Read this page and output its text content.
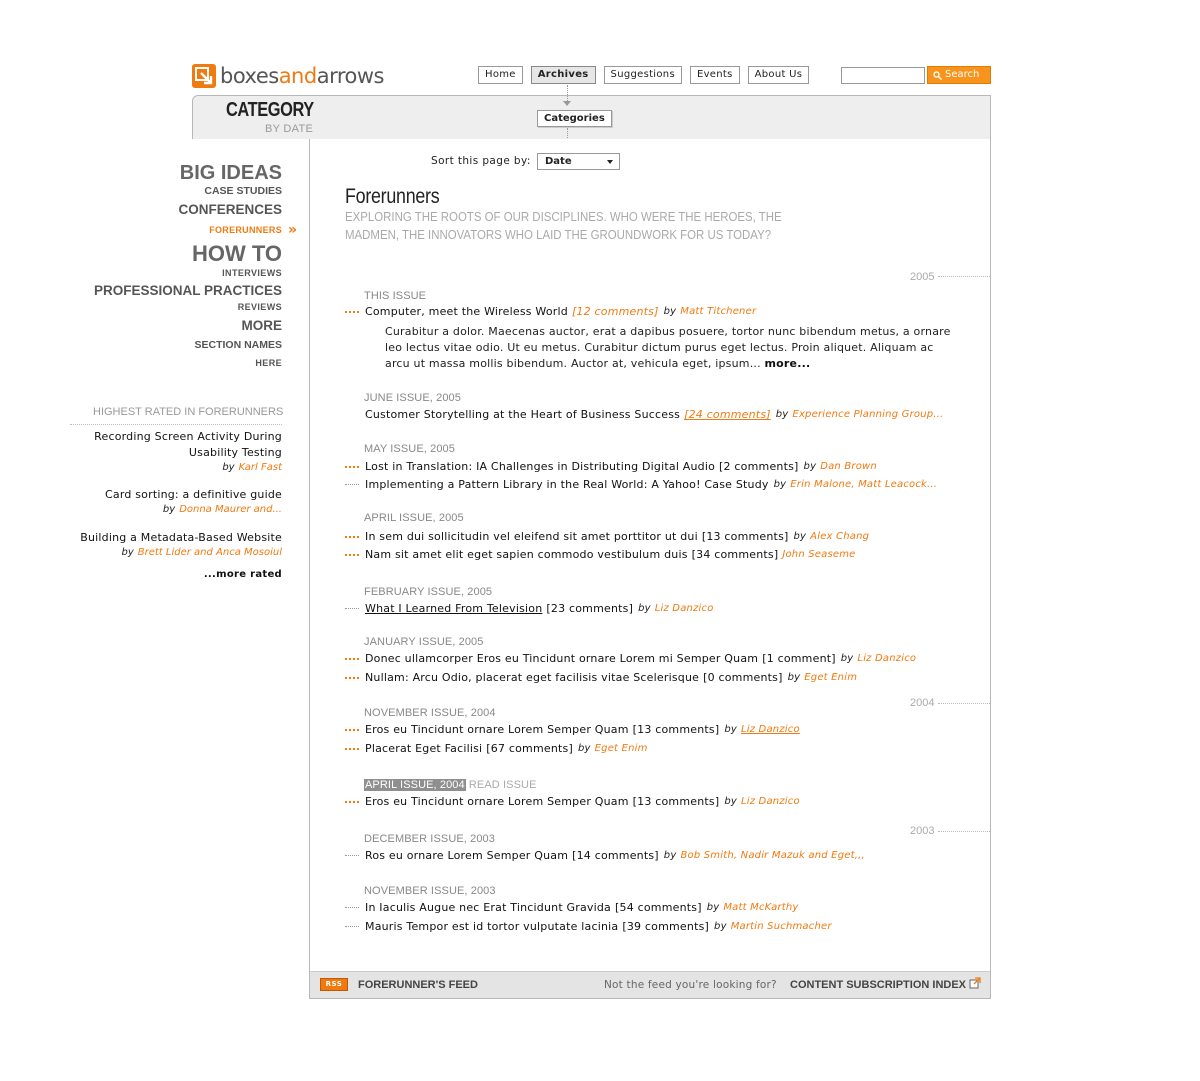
boxesandarrows	Home	Archives	Suggestions	Events	About Us	Search
CATEGORY
BY DATE
Categories
Sort this page by:	Date
Forerunners
EXPLORING THE ROOTS OF OUR DISCIPLINES. WHO WERE THE HEROES, THE MADMEN, THE INNOVATORS WHO LAID THE GROUNDWORK FOR US TODAY?
2005
2004
2003
THIS ISSUE
Computer, meet the Wireless World [12 comments] by Matt Titchener
Curabitur a dolor. Maecenas auctor, erat a dapibus posuere, tortor nunc bibendum metus, a ornare leo lectus vitae odio. Ut eu metus. Curabitur dictum purus eget lectus. Proin aliquet. Aliquam ac arcu ut massa mollis bibendum. Auctor at, vehicula eget, ipsum... more...
JUNE ISSUE, 2005
Customer Storytelling at the Heart of Business Success [24 comments] by Experience Planning Group...
MAY ISSUE, 2005
Lost in Translation: IA Challenges in Distributing Digital Audio [2 comments] by Dan Brown
Implementing a Pattern Library in the Real World: A Yahoo! Case Study by Erin Malone, Matt Leacock...
APRIL ISSUE, 2005
In sem dui sollicitudin vel eleifend sit amet porttitor ut dui [13 comments] by Alex Chang
Nam sit amet elit eget sapien commodo vestibulum duis [34 comments] John Seaseme
FEBRUARY ISSUE, 2005
What I Learned From Television [23 comments] by Liz Danzico
JANUARY ISSUE, 2005
Donec ullamcorper Eros eu Tincidunt ornare Lorem mi Semper Quam [1 comment] by Liz Danzico
Nullam: Arcu Odio, placerat eget facilisis vitae Scelerisque [0 comments] by Eget Enim
NOVEMBER ISSUE, 2004
Eros eu Tincidunt ornare Lorem Semper Quam [13 comments] by Liz Danzico
Placerat Eget Facilisi [67 comments] by Eget Enim
APRIL ISSUE, 2004 READ ISSUE
Eros eu Tincidunt ornare Lorem Semper Quam [13 comments] by Liz Danzico
DECEMBER ISSUE, 2003
Ros eu ornare Lorem Semper Quam [14 comments] by Bob Smith, Nadir Mazuk and Eget,,,
NOVEMBER ISSUE, 2003
In Iaculis Augue nec Erat Tincidunt Gravida [54 comments] by Matt McKarthy
Mauris Tempor est id tortor vulputate lacinia [39 comments] by Martin Suchmacher
BIG IDEAS
CASE STUDIES
CONFERENCES
FORERUNNERS »
HOW TO
INTERVIEWS
PROFESSIONAL PRACTICES
REVIEWS
MORE
SECTION NAMES
HERE
HIGHEST RATED IN FORERUNNERS
Recording Screen Activity During Usability Testing
by Karl Fast
Card sorting: a definitive guide
by Donna Maurer and...
Building a Metadata-Based Website
by Brett Lider and Anca Mosoiul
...more rated
RSS	FORERUNNER'S FEED	Not the feed you're looking for? CONTENT SUBSCRIPTION INDEX
